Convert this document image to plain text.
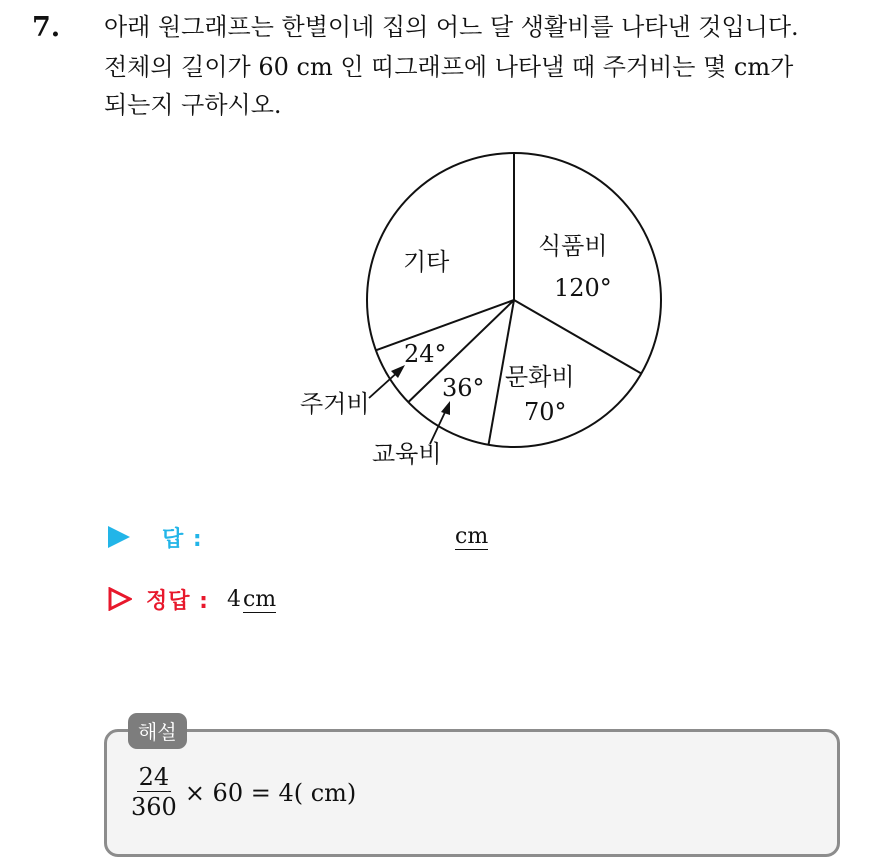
7. 아래 원그래프는 한별이네 집의 어느 달 생활비를 나타낸 것입니다.
전체의 길이가 60 cm 인 띠그래프에 나타낼 때 주거비는 몇 cm가
되는지 구하시오.
식품비
120°
문화비
70°
36°
교육비
24°
주거비
기타
답 :	cm
정답 : 4cm
해설
$\frac{24}{360} \times 60 = 4$( cm)
